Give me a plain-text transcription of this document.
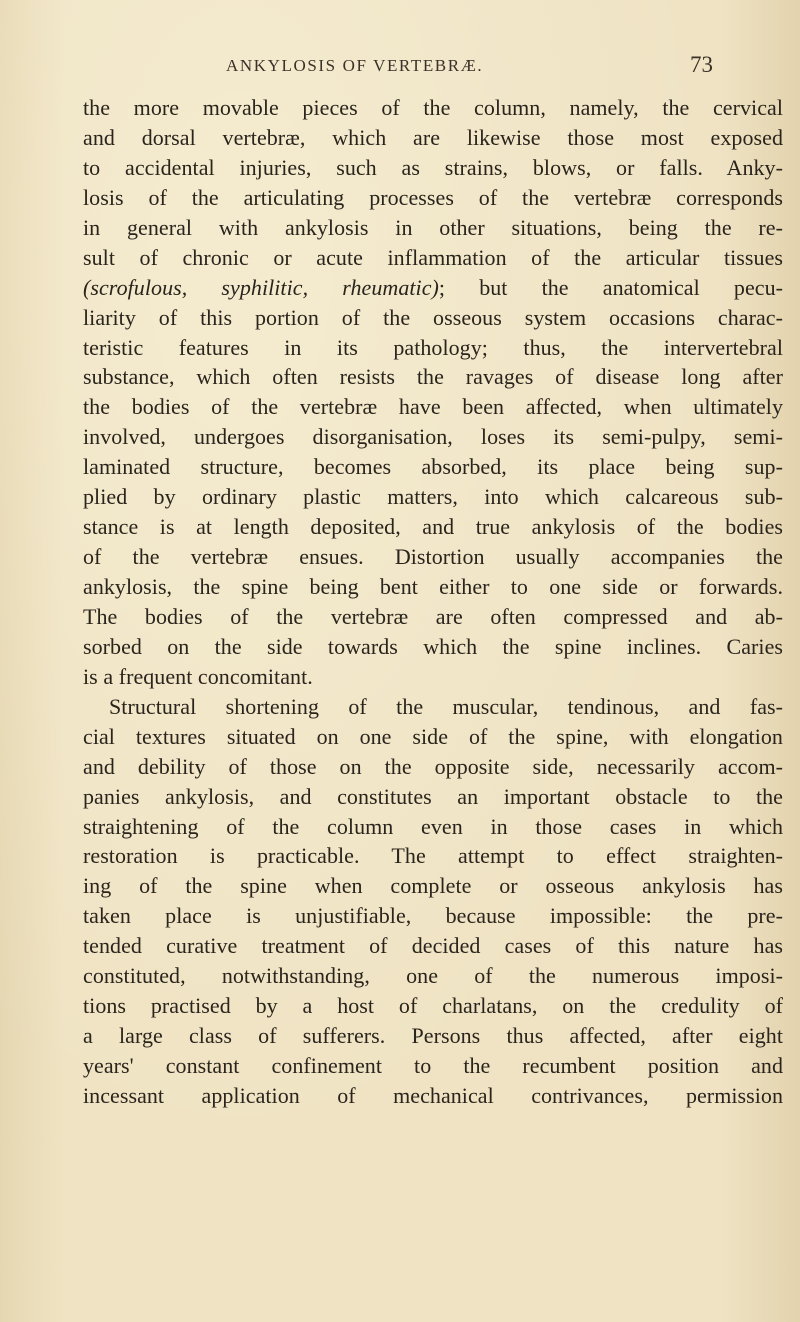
ANKYLOSIS OF VERTEBRÆ.	73
the more movable pieces of the column, namely, the cervical
and dorsal vertebræ, which are likewise those most exposed
to accidental injuries, such as strains, blows, or falls. Anky-
losis of the articulating processes of the vertebræ corresponds
in general with ankylosis in other situations, being the re-
sult of chronic or acute inflammation of the articular tissues
(scrofulous, syphilitic, rheumatic); but the anatomical pecu-
liarity of this portion of the osseous system occasions charac-
teristic features in its pathology; thus, the intervertebral
substance, which often resists the ravages of disease long after
the bodies of the vertebræ have been affected, when ultimately
involved, undergoes disorganisation, loses its semi-pulpy, semi-
laminated structure, becomes absorbed, its place being sup-
plied by ordinary plastic matters, into which calcareous sub-
stance is at length deposited, and true ankylosis of the bodies
of the vertebræ ensues. Distortion usually accompanies the
ankylosis, the spine being bent either to one side or forwards.
The bodies of the vertebræ are often compressed and ab-
sorbed on the side towards which the spine inclines. Caries
is a frequent concomitant.
Structural shortening of the muscular, tendinous, and fas-
cial textures situated on one side of the spine, with elongation
and debility of those on the opposite side, necessarily accom-
panies ankylosis, and constitutes an important obstacle to the
straightening of the column even in those cases in which
restoration is practicable. The attempt to effect straighten-
ing of the spine when complete or osseous ankylosis has
taken place is unjustifiable, because impossible: the pre-
tended curative treatment of decided cases of this nature has
constituted, notwithstanding, one of the numerous imposi-
tions practised by a host of charlatans, on the credulity of
a large class of sufferers. Persons thus affected, after eight
years' constant confinement to the recumbent position and
incessant application of mechanical contrivances, permission
